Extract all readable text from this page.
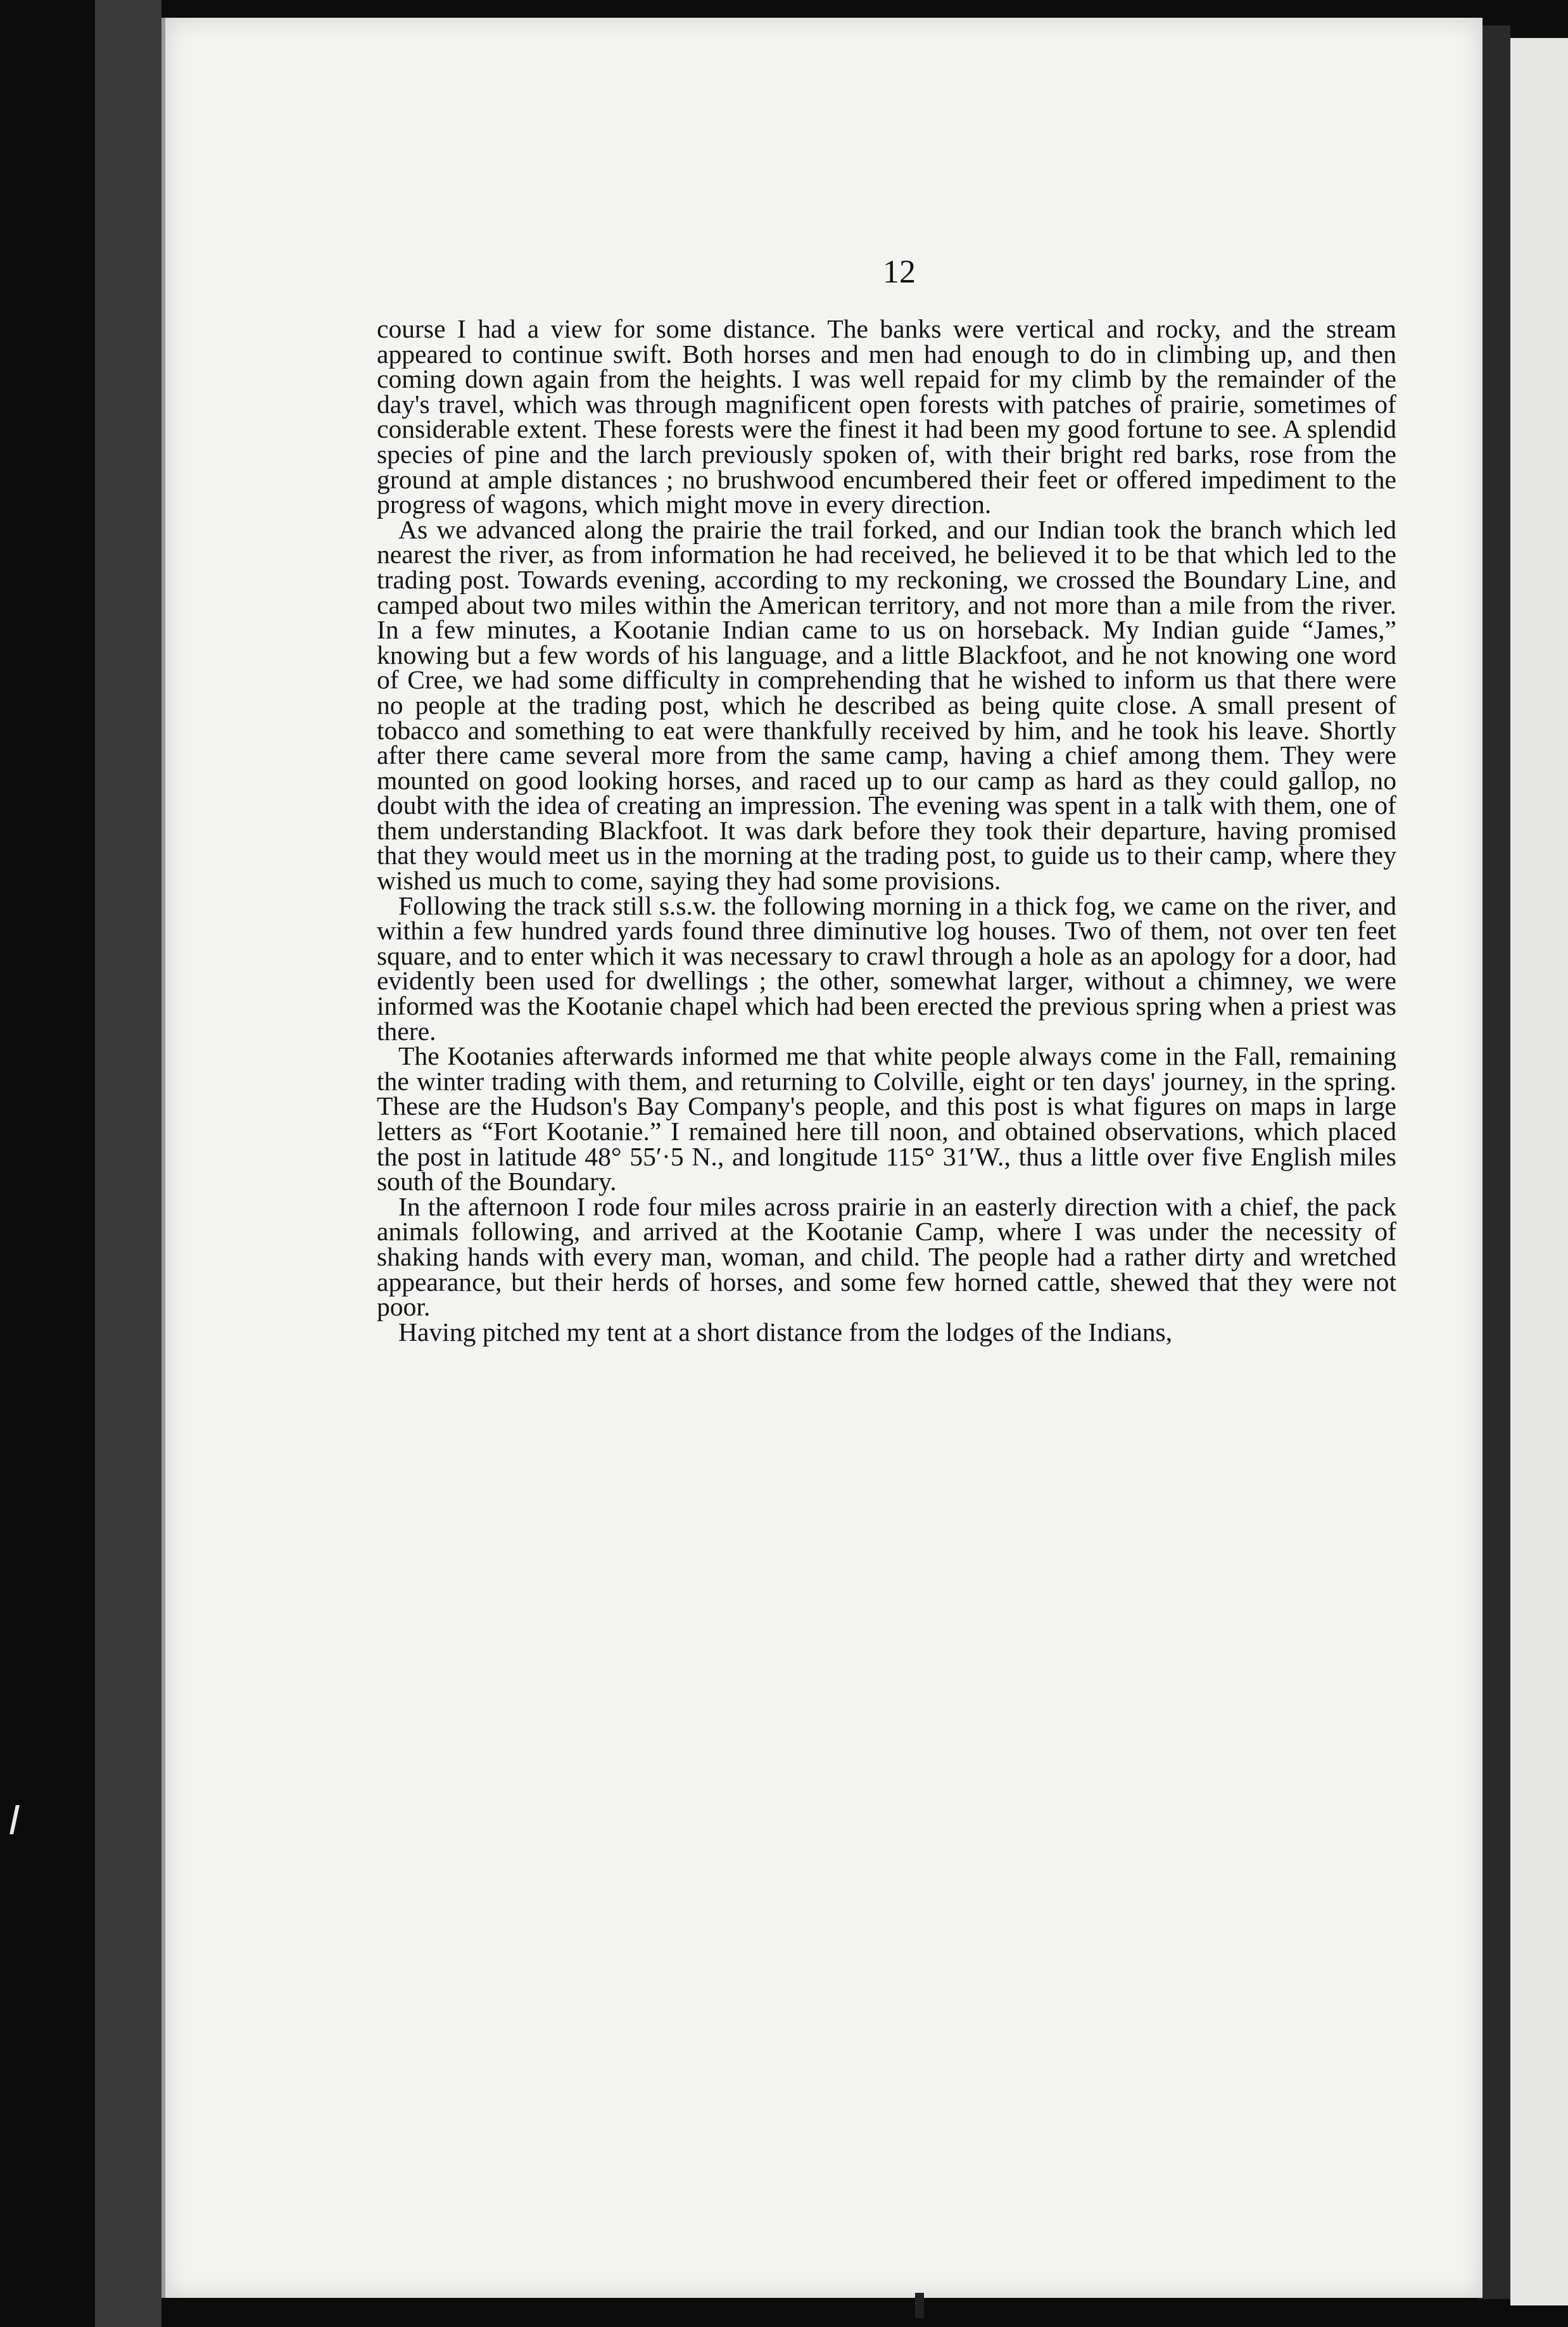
12

course I had a view for some distance. The banks were vertical and rocky, and the stream appeared to continue swift. Both horses and men had enough to do in climbing up, and then coming down again from the heights. I was well repaid for my climb by the remainder of the day's travel, which was through magnificent open forests with patches of prairie, sometimes of considerable extent. These forests were the finest it had been my good fortune to see. A splendid species of pine and the larch previously spoken of, with their bright red barks, rose from the ground at ample distances ; no brushwood encumbered their feet or offered impediment to the progress of wagons, which might move in every direction.

As we advanced along the prairie the trail forked, and our Indian took the branch which led nearest the river, as from information he had received, he believed it to be that which led to the trading post. Towards evening, according to my reckoning, we crossed the Boundary Line, and camped about two miles within the American territory, and not more than a mile from the river. In a few minutes, a Kootanie Indian came to us on horseback. My Indian guide “James,” knowing but a few words of his language, and a little Blackfoot, and he not knowing one word of Cree, we had some difficulty in comprehending that he wished to inform us that there were no people at the trading post, which he described as being quite close. A small present of tobacco and something to eat were thankfully received by him, and he took his leave. Shortly after there came several more from the same camp, having a chief among them. They were mounted on good looking horses, and raced up to our camp as hard as they could gallop, no doubt with the idea of creating an impression. The evening was spent in a talk with them, one of them understanding Blackfoot. It was dark before they took their departure, having promised that they would meet us in the morning at the trading post, to guide us to their camp, where they wished us much to come, saying they had some provisions.

Following the track still s.s.w. the following morning in a thick fog, we came on the river, and within a few hundred yards found three diminutive log houses. Two of them, not over ten feet square, and to enter which it was necessary to crawl through a hole as an apology for a door, had evidently been used for dwellings ; the other, somewhat larger, without a chimney, we were informed was the Kootanie chapel which had been erected the previous spring when a priest was there.

The Kootanies afterwards informed me that white people always come in the Fall, remaining the winter trading with them, and returning to Colville, eight or ten days' journey, in the spring. These are the Hudson's Bay Company's people, and this post is what figures on maps in large letters as “Fort Kootanie.” I remained here till noon, and obtained observations, which placed the post in latitude 48° 55′·5 N., and longitude 115° 31′W., thus a little over five English miles south of the Boundary.

In the afternoon I rode four miles across prairie in an easterly direction with a chief, the pack animals following, and arrived at the Kootanie Camp, where I was under the necessity of shaking hands with every man, woman, and child. The people had a rather dirty and wretched appearance, but their herds of horses, and some few horned cattle, shewed that they were not poor.

Having pitched my tent at a short distance from the lodges of the Indians,
